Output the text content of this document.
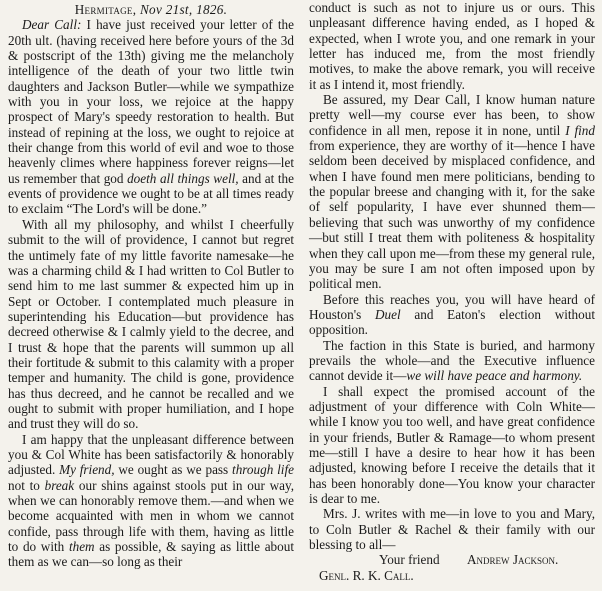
Hermitage, Nov 21st, 1826.

Dear Call: I have just received your letter of the 20th ult. (having received here before yours of the 3d & postscript of the 13th) giving me the melancholy intelligence of the death of your two little twin daughters and Jackson Butler—while we sympathize with you in your loss, we rejoice at the happy prospect of Mary's speedy restoration to health. But instead of repining at the loss, we ought to rejoice at their change from this world of evil and woe to those heavenly climes where happiness forever reigns—let us remember that god doeth all things well, and at the events of providence we ought to be at all times ready to exclaim “The Lord's will be done.”

With all my philosophy, and whilst I cheerfully submit to the will of providence, I cannot but regret the untimely fate of my little favorite namesake—he was a charming child & I had written to Col Butler to send him to me last summer & expected him up in Sept or October. I contemplated much pleasure in superintending his Education—but providence has decreed otherwise & I calmly yield to the decree, and I trust & hope that the parents will summon up all their fortitude & submit to this calamity with a proper temper and humanity. The child is gone, providence has thus decreed, and he cannot be recalled and we ought to submit with proper humiliation, and I hope and trust they will do so.

I am happy that the unpleasant difference between you & Col White has been satisfactorily & honorably adjusted. My friend, we ought as we pass through life not to break our shins against stools put in our way, when we can honorably remove them.—and when we become acquainted with men in whom we cannot confide, pass through life with them, having as little to do with them as possible, & saying as little about them as we can—so long as their

conduct is such as not to injure us or ours. This unpleasant difference having ended, as I hoped & expected, when I wrote you, and one remark in your letter has induced me, from the most friendly motives, to make the above remark, you will receive it as I intend it, most friendly.

Be assured, my Dear Call, I know human nature pretty well—my course ever has been, to show confidence in all men, repose it in none, until I find from experience, they are worthy of it—hence I have seldom been deceived by misplaced confidence, and when I have found men mere politicians, bending to the popular breese and changing with it, for the sake of self popularity, I have ever shunned them—believing that such was unworthy of my confidence—but still I treat them with politeness & hospitality when they call upon me—from these my general rule, you may be sure I am not often imposed upon by political men.

Before this reaches you, you will have heard of Houston's Duel and Eaton's election without opposition.

The faction in this State is buried, and harmony prevails the whole—and the Executive influence cannot devide it—we will have peace and harmony.

I shall expect the promised account of the adjustment of your difference with Coln White—while I know you too well, and have great confidence in your friends, Butler & Ramage—to whom present me—still I have a desire to hear how it has been adjusted, knowing before I receive the details that it has been honorably done—You know your character is dear to me.

Mrs. J. writes with me—in love to you and Mary, to Coln Butler & Rachel & their family with our blessing to all—

Your friend Andrew Jackson.
Genl. R. K. Call.
